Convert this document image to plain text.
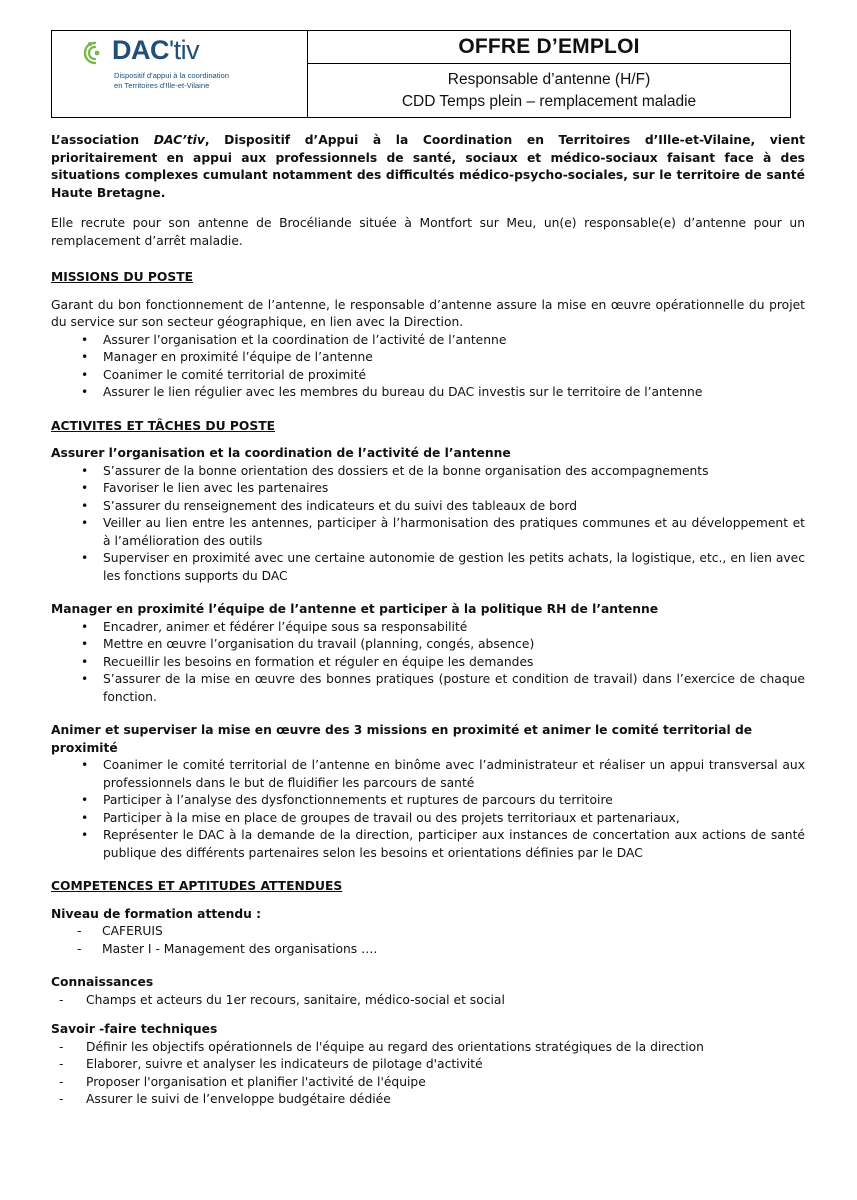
DAC'tiv
Dispositif d'appui à la coordination
en Territoires d'Ille-et-Vilaine
OFFRE D’EMPLOI
Responsable d’antenne (H/F)
CDD Temps plein – remplacement maladie

L’association DAC’tiv, Dispositif d’Appui à la Coordination en Territoires d’Ille-et-Vilaine, vient prioritairement en appui aux professionnels de santé, sociaux et médico-sociaux faisant face à des situations complexes cumulant notamment des difficultés médico-psycho-sociales, sur le territoire de santé Haute Bretagne.

Elle recrute pour son antenne de Brocéliande située à Montfort sur Meu, un(e) responsable(e) d’antenne pour un remplacement d’arrêt maladie.

MISSIONS DU POSTE

Garant du bon fonctionnement de l’antenne, le responsable d’antenne assure la mise en œuvre opérationnelle du projet du service sur son secteur géographique, en lien avec la Direction.

• Assurer l’organisation et la coordination de l’activité de l’antenne
• Manager en proximité l’équipe de l’antenne
• Coanimer le comité territorial de proximité
• Assurer le lien régulier avec les membres du bureau du DAC investis sur le territoire de l’antenne
ACTIVITES ET TÂCHES DU POSTE
Assurer l’organisation et la coordination de l’activité de l’antenne
• S’assurer de la bonne orientation des dossiers et de la bonne organisation des accompagnements
• Favoriser le lien avec les partenaires
• S’assurer du renseignement des indicateurs et du suivi des tableaux de bord
• Veiller au lien entre les antennes, participer à l’harmonisation des pratiques communes et au développement et à l’amélioration des outils
• Superviser en proximité avec une certaine autonomie de gestion les petits achats, la logistique, etc., en lien avec les fonctions supports du DAC
Manager en proximité l’équipe de l’antenne et participer à la politique RH de l’antenne
• Encadrer, animer et fédérer l’équipe sous sa responsabilité
• Mettre en œuvre l’organisation du travail (planning, congés, absence)
• Recueillir les besoins en formation et réguler en équipe les demandes
• S’assurer de la mise en œuvre des bonnes pratiques (posture et condition de travail) dans l’exercice de chaque fonction.
Animer et superviser la mise en œuvre des 3 missions en proximité et animer le comité territorial de proximité
• Coanimer le comité territorial de l’antenne en binôme avec l’administrateur et réaliser un appui transversal aux professionnels dans le but de fluidifier les parcours de santé
• Participer à l’analyse des dysfonctionnements et ruptures de parcours du territoire
• Participer à la mise en place de groupes de travail ou des projets territoriaux et partenariaux,
• Représenter le DAC à la demande de la direction, participer aux instances de concertation aux actions de santé publique des différents partenaires selon les besoins et orientations définies par le DAC
COMPETENCES ET APTITUDES ATTENDUES
Niveau de formation attendu :
- CAFERUIS
- Master I - Management des organisations ….
Connaissances
- Champs et acteurs du 1er recours, sanitaire, médico-social et social
Savoir -faire techniques
- Définir les objectifs opérationnels de l'équipe au regard des orientations stratégiques de la direction
- Elaborer, suivre et analyser les indicateurs de pilotage d'activité
- Proposer l'organisation et planifier l'activité de l'équipe
- Assurer le suivi de l’enveloppe budgétaire dédiée
